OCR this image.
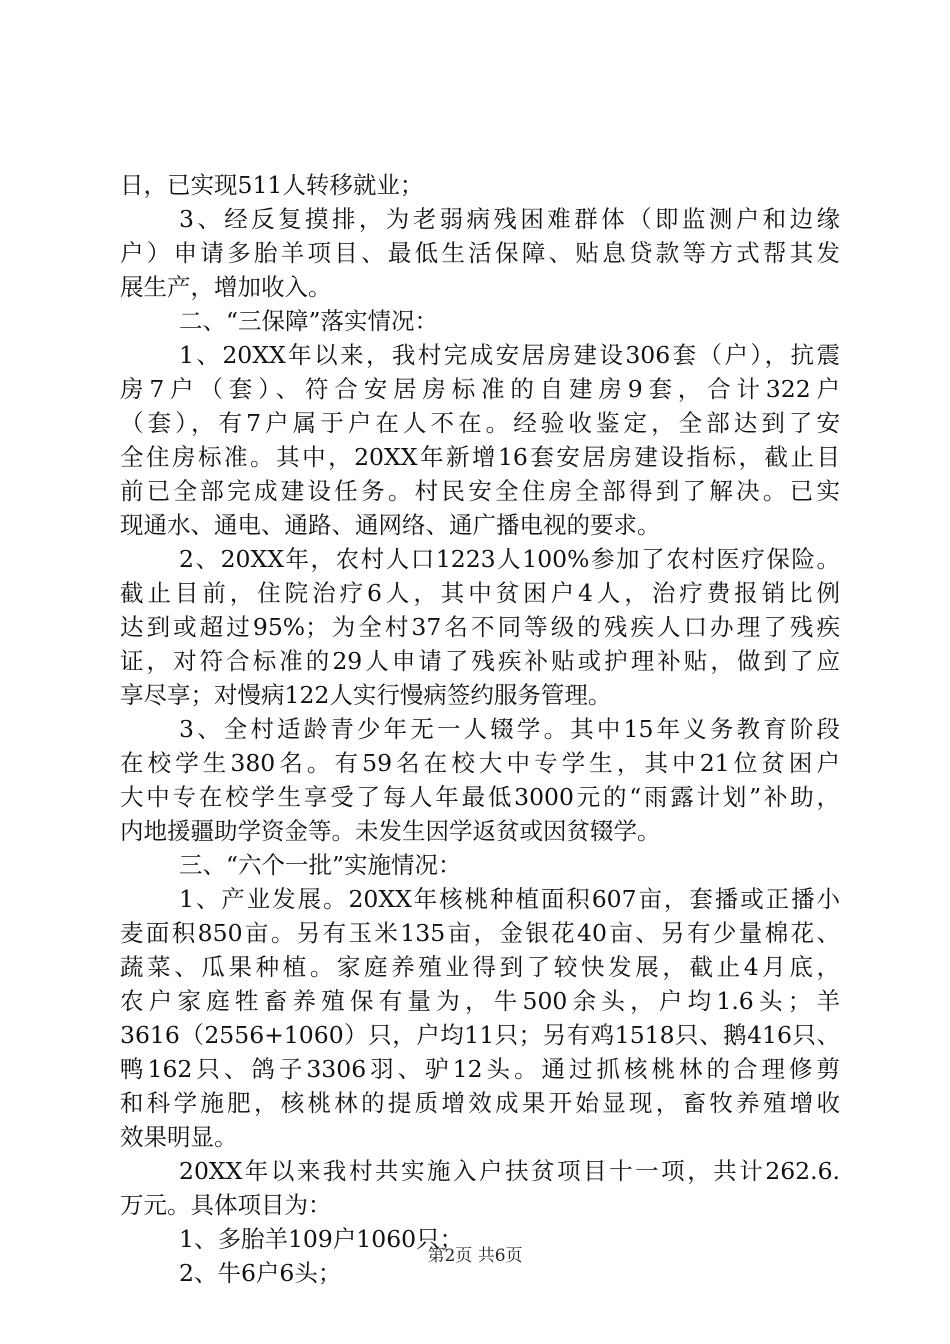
日，已实现511人转移就业；
3、经反复摸排，为老弱病残困难群体（即监测户和边缘
户）申请多胎羊项目、最低生活保障、贴息贷款等方式帮其发
展生产，增加收入。
二、“三保障”落实情况：
1、20XX年以来，我村完成安居房建设306套（户），抗震
房7户（套）、符合安居房标准的自建房9套，合计322户
（套），有7户属于户在人不在。经验收鉴定，全部达到了安
全住房标准。其中，20XX年新增16套安居房建设指标，截止目
前已全部完成建设任务。村民安全住房全部得到了解决。已实
现通水、通电、通路、通网络、通广播电视的要求。
2、20XX年，农村人口1223人100%参加了农村医疗保险。
截止目前，住院治疗6人，其中贫困户4人，治疗费报销比例
达到或超过95%；为全村37名不同等级的残疾人口办理了残疾
证，对符合标准的29人申请了残疾补贴或护理补贴，做到了应
享尽享；对慢病122人实行慢病签约服务管理。
3、全村适龄青少年无一人辍学。其中15年义务教育阶段
在校学生380名。有59名在校大中专学生，其中21位贫困户
大中专在校学生享受了每人年最低3000元的“雨露计划”补助，
内地援疆助学资金等。未发生因学返贫或因贫辍学。
三、“六个一批”实施情况：
1、产业发展。20XX年核桃种植面积607亩，套播或正播小
麦面积850亩。另有玉米135亩，金银花40亩、另有少量棉花、
蔬菜、瓜果种植。家庭养殖业得到了较快发展，截止4月底，
农户家庭牲畜养殖保有量为，牛500余头，户均1.6头；羊
3616（2556+1060）只，户均11只；另有鸡1518只、鹅416只、
鸭162只、鸽子3306羽、驴12头。通过抓核桃林的合理修剪
和科学施肥，核桃林的提质增效成果开始显现，畜牧养殖增收
效果明显。
20XX年以来我村共实施入户扶贫项目十一项，共计262.6.
万元。具体项目为：
1、多胎羊109户1060只；
2、牛6户6头；
第2页 共6页
